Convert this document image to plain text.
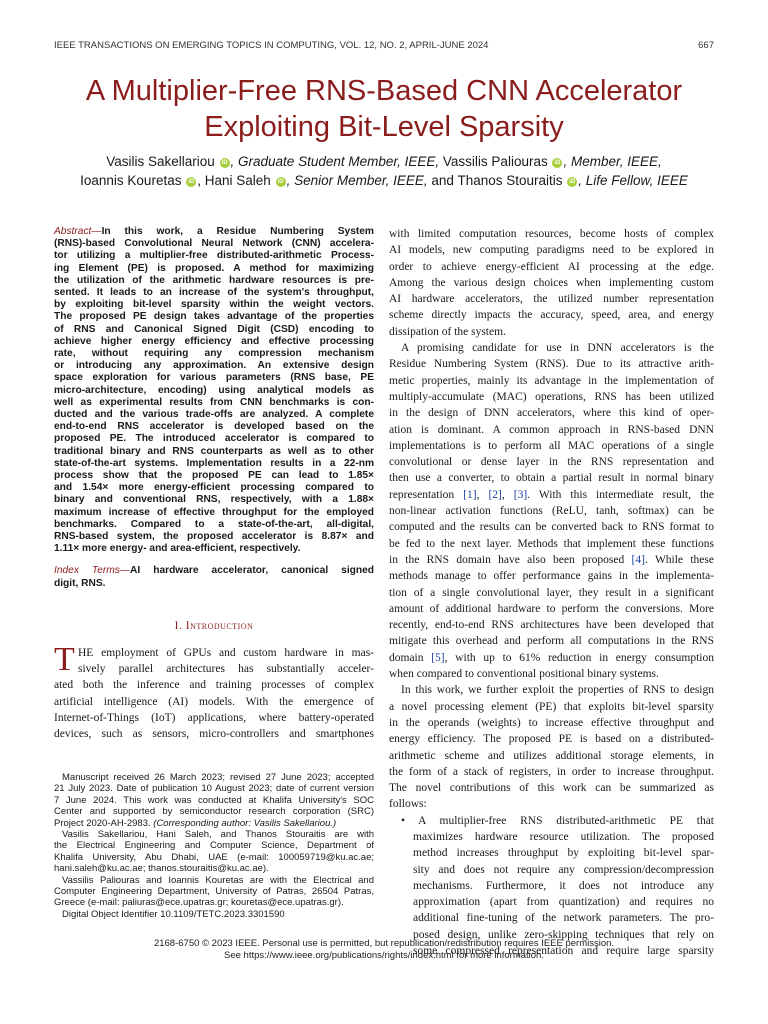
IEEE TRANSACTIONS ON EMERGING TOPICS IN COMPUTING, VOL. 12, NO. 2, APRIL-JUNE 2024	667
A Multiplier-Free RNS-Based CNN Accelerator
Exploiting Bit-Level Sparsity
Vasilis Sakellariou iD , Graduate Student Member, IEEE, Vassilis Paliouras iD , Member, IEEE,
Ioannis Kouretas iD , Hani Saleh iD , Senior Member, IEEE, and Thanos Stouraitis iD , Life Fellow, IEEE
Abstract—In this work, a Residue Numbering System
(RNS)-based Convolutional Neural Network (CNN) accelera-
tor utilizing a multiplier-free distributed-arithmetic Process-
ing Element (PE) is proposed. A method for maximizing
the utilization of the arithmetic hardware resources is pre-
sented. It leads to an increase of the system's throughput,
by exploiting bit-level sparsity within the weight vectors.
The proposed PE design takes advantage of the properties
of RNS and Canonical Signed Digit (CSD) encoding to
achieve higher energy efficiency and effective processing
rate, without requiring any compression mechanism
or introducing any approximation. An extensive design
space exploration for various parameters (RNS base, PE
micro-architecture, encoding) using analytical models as
well as experimental results from CNN benchmarks is con-
ducted and the various trade-offs are analyzed. A complete
end-to-end RNS accelerator is developed based on the
proposed PE. The introduced accelerator is compared to
traditional binary and RNS counterparts as well as to other
state-of-the-art systems. Implementation results in a 22-nm
process show that the proposed PE can lead to 1.85×
and 1.54× more energy-efficient processing compared to
binary and conventional RNS, respectively, with a 1.88×
maximum increase of effective throughput for the employed
benchmarks. Compared to a state-of-the-art, all-digital,
RNS-based system, the proposed accelerator is 8.87× and
1.11× more energy- and area-efficient, respectively.
Index Terms—AI hardware accelerator, canonical signed
digit, RNS.
I. Introduction
T HE employment of GPUs and custom hardware in mas-
sively parallel architectures has substantially acceler-
ated both the inference and training processes of complex
artificial intelligence (AI) models. With the emergence of
Internet-of-Things (IoT) applications, where battery-operated
devices, such as sensors, micro-controllers and smartphones
Manuscript received 26 March 2023; revised 27 June 2023; accepted
21 July 2023. Date of publication 10 August 2023; date of current version
7 June 2024. This work was conducted at Khalifa University's SOC
Center and supported by semiconductor research corporation (SRC)
Project 2020-AH-2983. (Corresponding author: Vasilis Sakellariou.)
Vasilis Sakellariou, Hani Saleh, and Thanos Stouraitis are with
the Electrical Engineering and Computer Science, Department of
Khalifa University, Abu Dhabi, UAE (e-mail: 100059719@ku.ac.ae;
hani.saleh@ku.ac.ae; thanos.stouraitis@ku.ac.ae).
Vassilis Paliouras and Ioannis Kouretas are with the Electrical and
Computer Engineering Department, University of Patras, 26504 Patras,
Greece (e-mail: paliuras@ece.upatras.gr; kouretas@ece.upatras.gr).
Digital Object Identifier 10.1109/TETC.2023.3301590
with limited computation resources, become hosts of complex
AI models, new computing paradigms need to be explored in
order to achieve energy-efficient AI processing at the edge.
Among the various design choices when implementing custom
AI hardware accelerators, the utilized number representation
scheme directly impacts the accuracy, speed, area, and energy
dissipation of the system.
A promising candidate for use in DNN accelerators is the
Residue Numbering System (RNS). Due to its attractive arith-
metic properties, mainly its advantage in the implementation of
multiply-accumulate (MAC) operations, RNS has been utilized
in the design of DNN accelerators, where this kind of oper-
ation is dominant. A common approach in RNS-based DNN
implementations is to perform all MAC operations of a single
convolutional or dense layer in the RNS representation and
then use a converter, to obtain a partial result in normal binary
representation [1], [2], [3]. With this intermediate result, the
non-linear activation functions (ReLU, tanh, softmax) can be
computed and the results can be converted back to RNS format to
be fed to the next layer. Methods that implement these functions
in the RNS domain have also been proposed [4]. While these
methods manage to offer performance gains in the implementa-
tion of a single convolutional layer, they result in a significant
amount of additional hardware to perform the conversions. More
recently, end-to-end RNS architectures have been developed that
mitigate this overhead and perform all computations in the RNS
domain [5], with up to 61% reduction in energy consumption
when compared to conventional positional binary systems.
In this work, we further exploit the properties of RNS to design
a novel processing element (PE) that exploits bit-level sparsity
in the operands (weights) to increase effective throughput and
energy efficiency. The proposed PE is based on a distributed-
arithmetic scheme and utilizes additional storage elements, in
the form of a stack of registers, in order to increase throughput.
The novel contributions of this work can be summarized as
follows:
• A multiplier-free RNS distributed-arithmetic PE that
maximizes hardware resource utilization. The proposed
method increases throughput by exploiting bit-level spar-
sity and does not require any compression/decompression
mechanisms. Furthermore, it does not introduce any
approximation (apart from quantization) and requires no
additional fine-tuning of the network parameters. The pro-
posed design, unlike zero-skipping techniques that rely on
some compressed representation and require large sparsity
2168-6750 © 2023 IEEE. Personal use is permitted, but republication/redistribution requires IEEE permission.
See https://www.ieee.org/publications/rights/index.html for more information.
